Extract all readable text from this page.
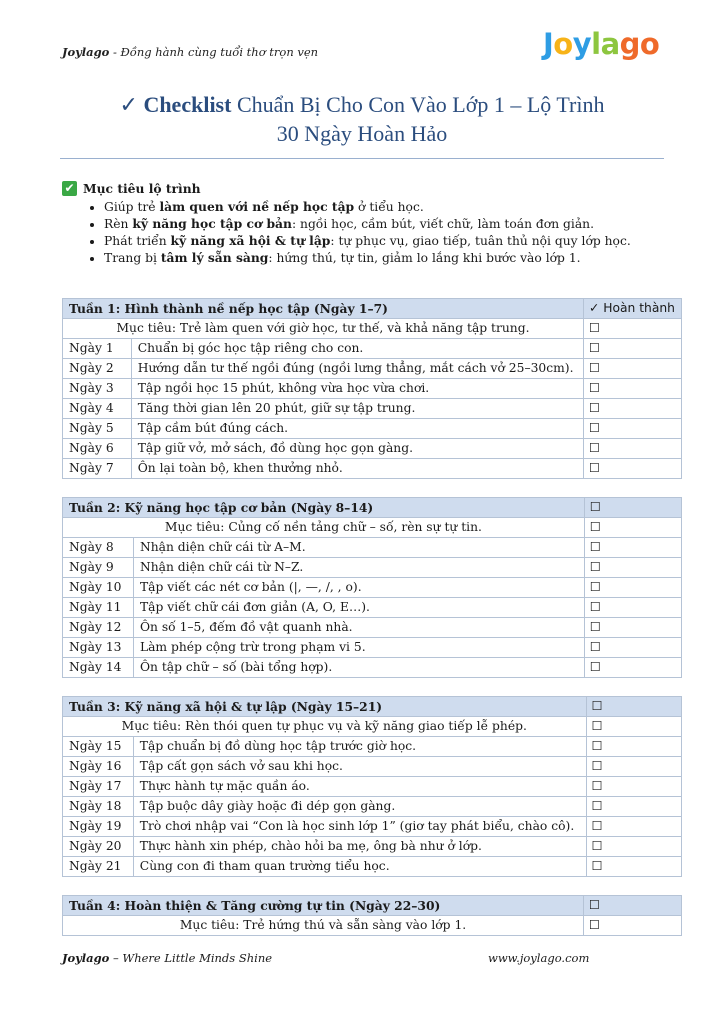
Joylago - Đồng hành cùng tuổi thơ trọn vẹn	Joylago
✓ Checklist Chuẩn Bị Cho Con Vào Lớp 1 – Lộ Trình
30 Ngày Hoàn Hảo
✔ Mục tiêu lộ trình
• Giúp trẻ làm quen với nề nếp học tập ở tiểu học.
• Rèn kỹ năng học tập cơ bản: ngồi học, cầm bút, viết chữ, làm toán đơn giản.
• Phát triển kỹ năng xã hội & tự lập: tự phục vụ, giao tiếp, tuân thủ nội quy lớp học.
• Trang bị tâm lý sẵn sàng: hứng thú, tự tin, giảm lo lắng khi bước vào lớp 1.
Tuần 1: Hình thành nề nếp học tập (Ngày 1–7)		✓ Hoàn thành
Mục tiêu: Trẻ làm quen với giờ học, tư thế, và khả năng tập trung.		☐
Ngày 1	Chuẩn bị góc học tập riêng cho con.	☐
Ngày 2	Hướng dẫn tư thế ngồi đúng (ngồi lưng thẳng, mắt cách vở 25–30cm).	☐
Ngày 3	Tập ngồi học 15 phút, không vừa học vừa chơi.	☐
Ngày 4	Tăng thời gian lên 20 phút, giữ sự tập trung.	☐
Ngày 5	Tập cầm bút đúng cách.	☐
Ngày 6	Tập giữ vở, mở sách, đồ dùng học gọn gàng.	☐
Ngày 7	Ôn lại toàn bộ, khen thưởng nhỏ.	☐
Tuần 2: Kỹ năng học tập cơ bản (Ngày 8–14)		☐
Mục tiêu: Củng cố nền tảng chữ – số, rèn sự tự tin.		☐
Ngày 8	Nhận diện chữ cái từ A–M.	☐
Ngày 9	Nhận diện chữ cái từ N–Z.	☐
Ngày 10	Tập viết các nét cơ bản (|, —, /, , o).	☐
Ngày 11	Tập viết chữ cái đơn giản (A, O, E…).	☐
Ngày 12	Ôn số 1–5, đếm đồ vật quanh nhà.	☐
Ngày 13	Làm phép cộng trừ trong phạm vi 5.	☐
Ngày 14	Ôn tập chữ – số (bài tổng hợp).	☐
Tuần 3: Kỹ năng xã hội & tự lập (Ngày 15–21)		☐
Mục tiêu: Rèn thói quen tự phục vụ và kỹ năng giao tiếp lễ phép.		☐
Ngày 15	Tập chuẩn bị đồ dùng học tập trước giờ học.	☐
Ngày 16	Tập cất gọn sách vở sau khi học.	☐
Ngày 17	Thực hành tự mặc quần áo.	☐
Ngày 18	Tập buộc dây giày hoặc đi dép gọn gàng.	☐
Ngày 19	Trò chơi nhập vai “Con là học sinh lớp 1” (giơ tay phát biểu, chào cô).	☐
Ngày 20	Thực hành xin phép, chào hỏi ba mẹ, ông bà như ở lớp.	☐
Ngày 21	Cùng con đi tham quan trường tiểu học.	☐
Tuần 4: Hoàn thiện & Tăng cường tự tin (Ngày 22–30)	☐
Mục tiêu: Trẻ hứng thú và sẵn sàng vào lớp 1.	☐
Joylago – Where Little Minds Shine	www.joylago.com
